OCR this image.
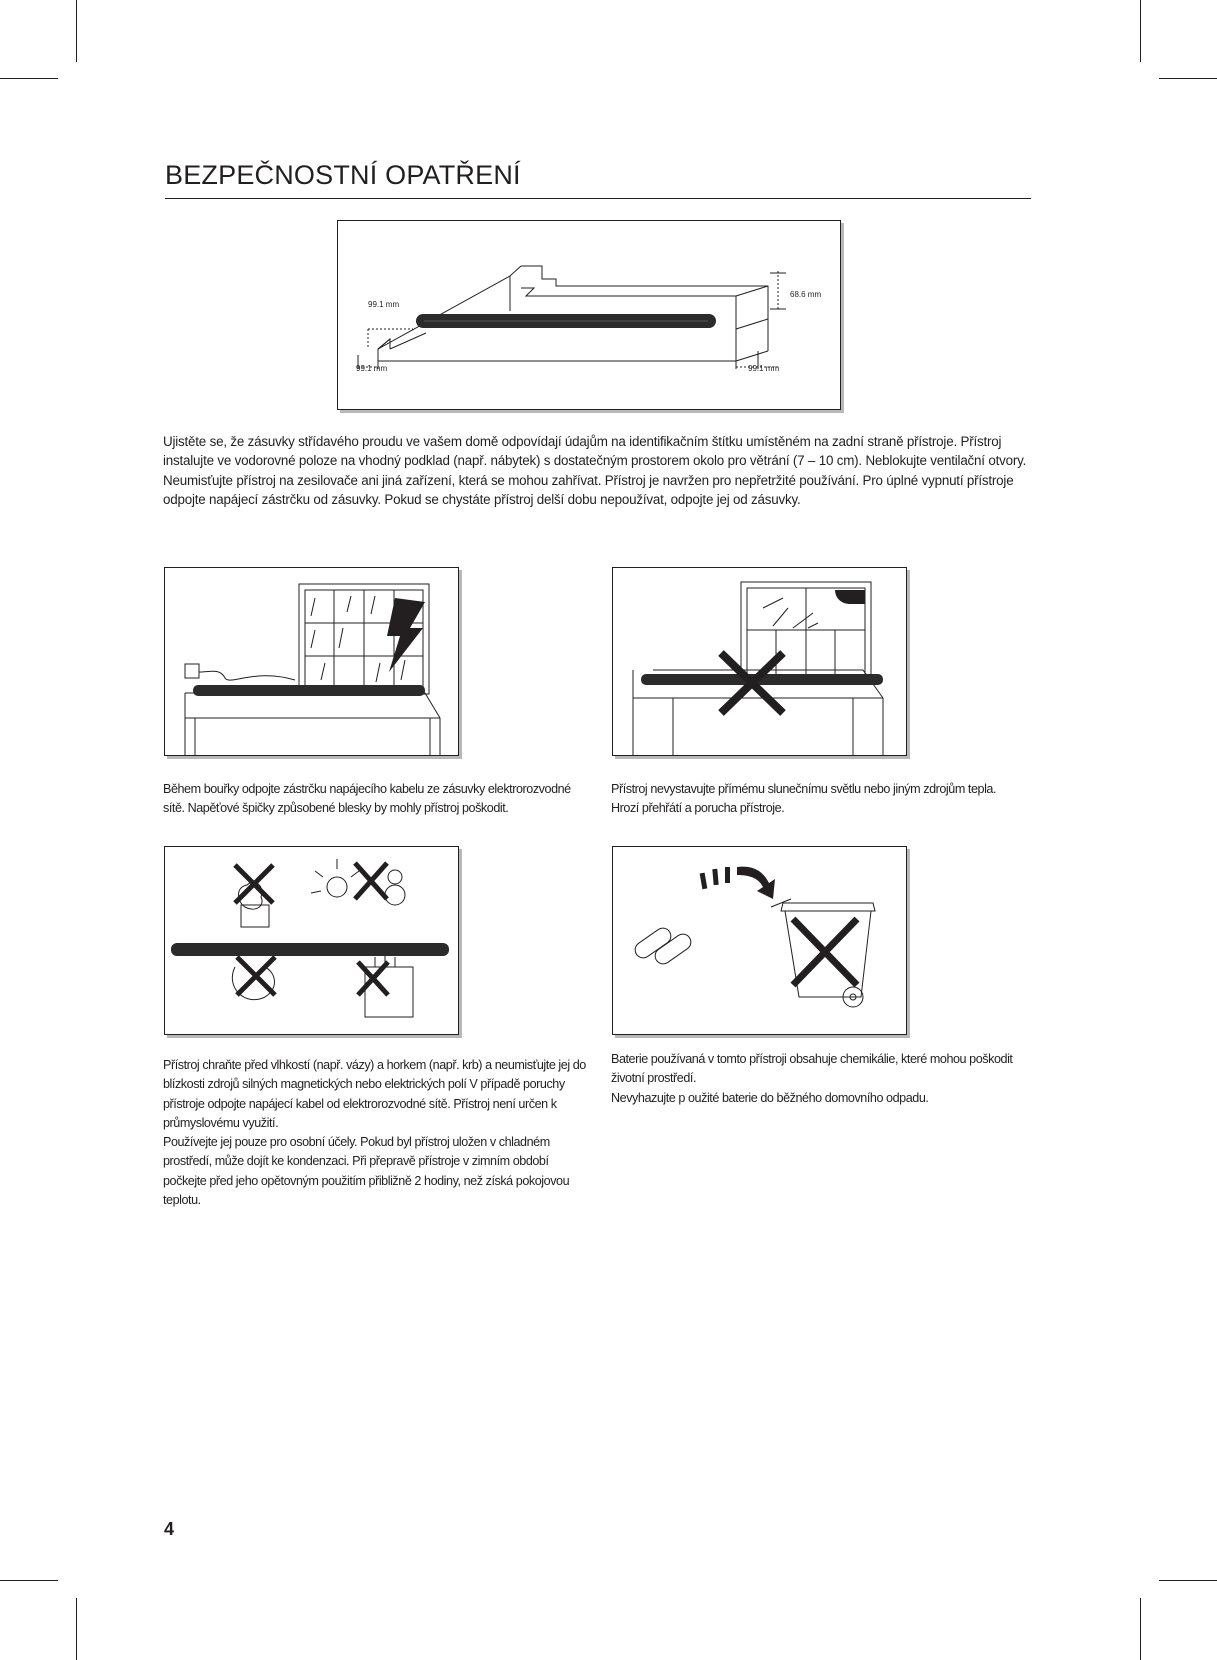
BEZPEČNOSTNÍ OPATŘENÍ
99.1 mm
68.6 mm
99.1 mm	99.1 mm

Ujistěte se, že zásuvky střídavého proudu ve vašem domě odpovídají údajům na identifikačním štítku umístěném na zadní straně přístroje. Přístroj instalujte ve vodorovné poloze na vhodný podklad (např. nábytek) s dostatečným prostorem okolo pro větrání (7 – 10 cm). Neblokujte ventilační otvory. Neumisťujte přístroj na zesilovače ani jiná zařízení, která se mohou zahřívat. Přístroj je navržen pro nepřetržité používání. Pro úplné vypnutí přístroje odpojte napájecí zástrčku od zásuvky. Pokud se chystáte přístroj delší dobu nepoužívat, odpojte jej od zásuvky.

Během bouřky odpojte zástrčku napájecího kabelu ze zásuvky elektrorozvodné sítě. Napěťové špičky způsobené blesky by mohly přístroj poškodit.

Přístroj nevystavujte přímému slunečnímu světlu nebo jiným zdrojům tepla. Hrozí přehřátí a porucha přístroje.

Přístroj chraňte před vlhkostí (např. vázy) a horkem (např. krb) a neumisťujte jej do blízkosti zdrojů silných magnetických nebo elektrických polí V případě poruchy přístroje odpojte napájecí kabel od elektrorozvodné sítě. Přístroj není určen k průmyslovému využití.

Používejte jej pouze pro osobní účely. Pokud byl přístroj uložen v chladném prostředí, může dojít ke kondenzaci. Při přepravě přístroje v zimním období počkejte před jeho opětovným použitím přibližně 2 hodiny, než získá pokojovou teplotu.

Baterie používaná v tomto přístroji obsahuje chemikálie, které mohou poškodit životní prostředí.

Nevyhazujte p oužité baterie do běžného domovního odpadu.

4
